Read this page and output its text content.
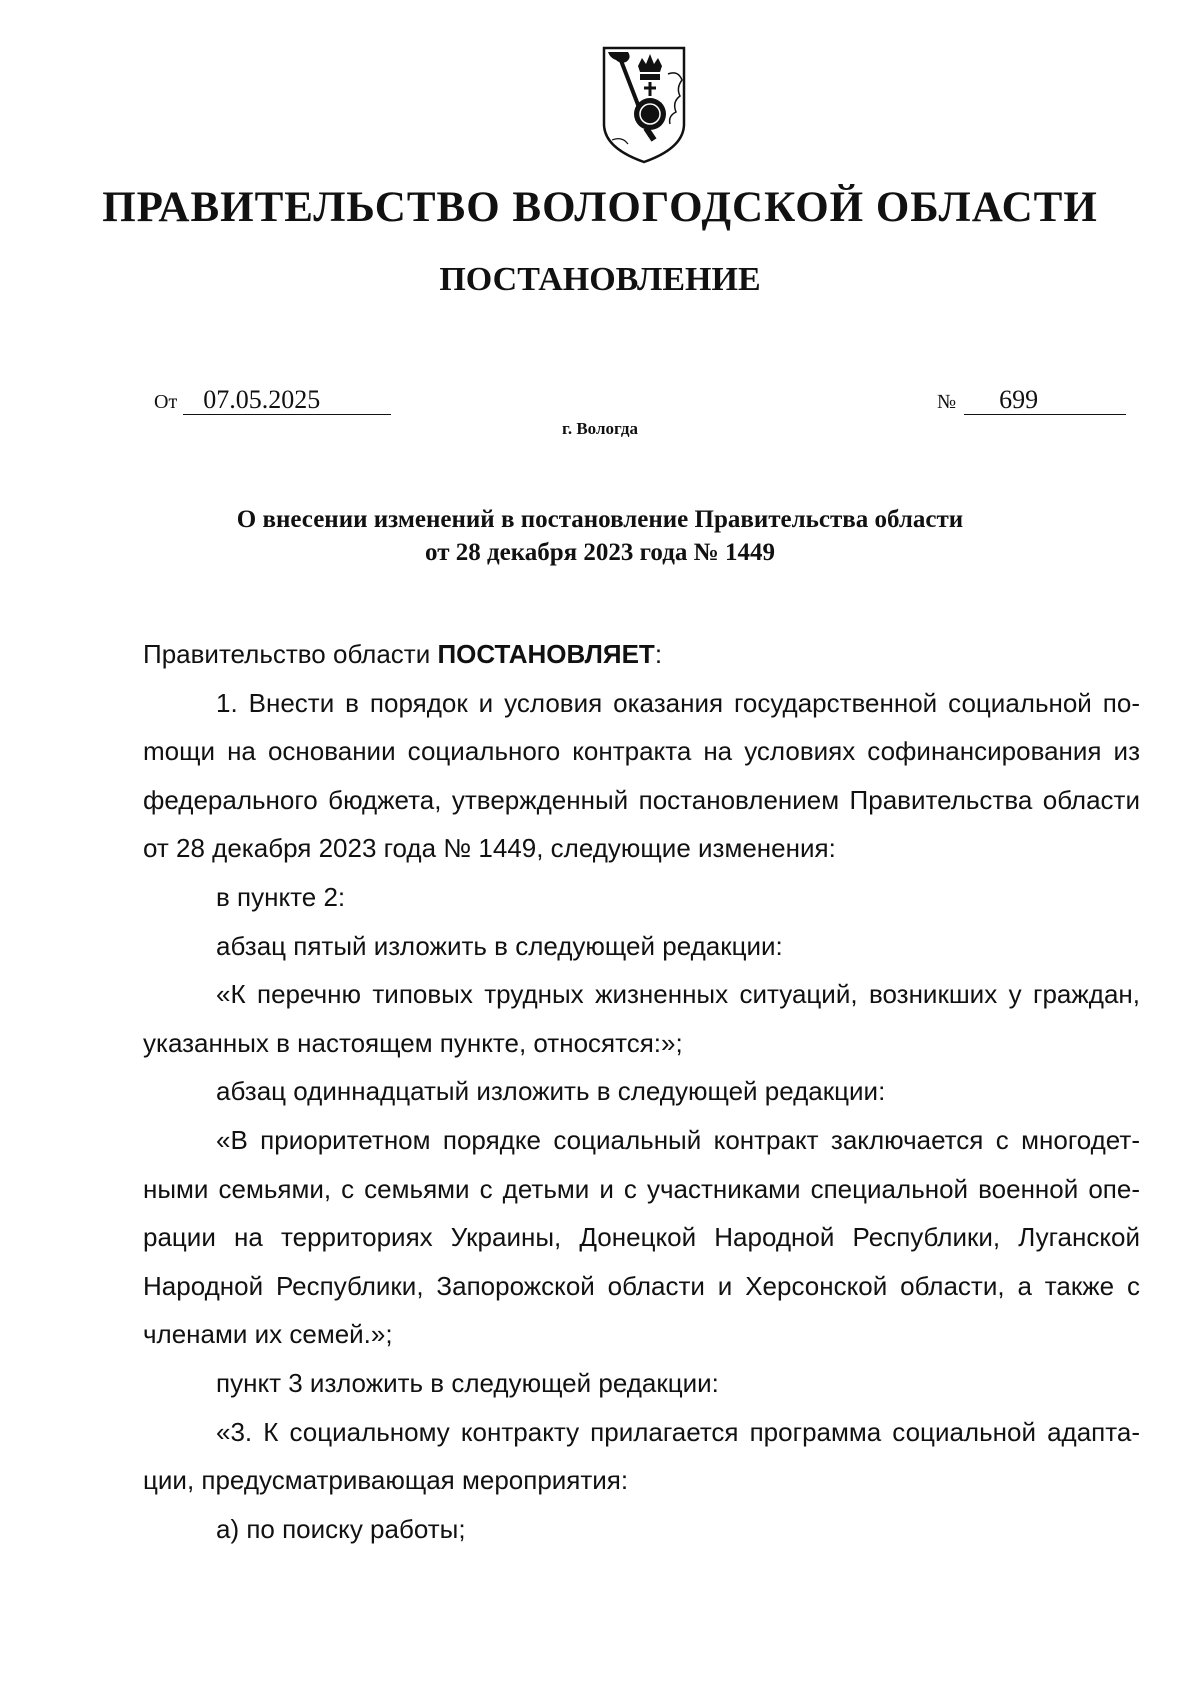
ПРАВИТЕЛЬСТВО ВОЛОГОДСКОЙ ОБЛАСТИ
ПОСТАНОВЛЕНИЕ
От 07.05.2025	№ 699
г. Вологда
О внесении изменений в постановление Правительства области
от 28 декабря 2023 года № 1449

Правительство области ПОСТАНОВЛЯЕТ:

1. Внести в порядок и условия оказания государственной социальной поmощи на основании социального контракта на условиях софинансирования из федерального бюджета, утвержденный постановлением Правительства области от 28 декабря 2023 года № 1449, следующие изменения:

в пункте 2:

абзац пятый изложить в следующей редакции:

«К перечню типовых трудных жизненных ситуаций, возникших у граждан, указанных в настоящем пункте, относятся:»;

абзац одиннадцатый изложить в следующей редакции:

«В приоритетном порядке социальный контракт заключается с многодетными семьями, с семьями с детьми и с участниками специальной военной операции на территориях Украины, Донецкой Народной Республики, Луганской Народной Республики, Запорожской области и Херсонской области, а также с членами их семей.»;

пункт 3 изложить в следующей редакции:

«3. К социальному контракту прилагается программа социальной адаптации, предусматривающая мероприятия:

а) по поиску работы;
